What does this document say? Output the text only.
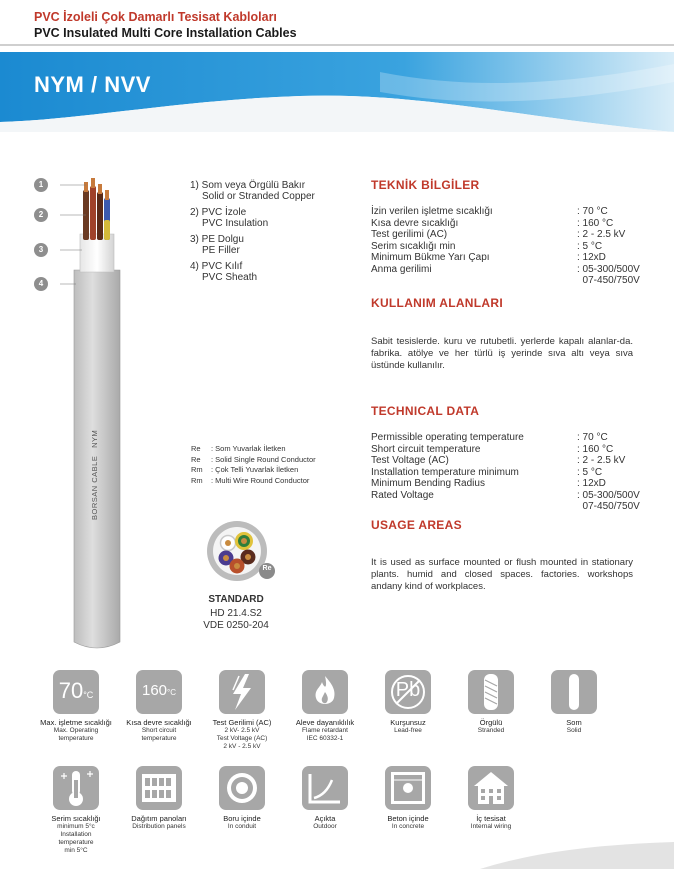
PVC İzoleli Çok Damarlı Tesisat Kabloları
PVC Insulated Multi Core Installation Cables
NYM / NVV
1
2
3
4
BORSAN CABLE   NYM
1) Som veya Örgülü Bakır
Solid or Stranded Copper
2) PVC İzole
PVC Insulation
3) PE Dolgu
PE Filler
4) PVC Kılıf
PVC Sheath
Re	: Som Yuvarlak İletken
Re	: Solid Single Round Conductor
Rm	: Çok Telli Yuvarlak İletken
Rm	: Multi Wire Round Conductor
Re
STANDARD
HD 21.4.S2
VDE 0250-204
TEKNİK BİLGİLER
İzin verilen işletme sıcaklığı	: 70 °C
Kısa devre sıcaklığı	: 160 °C
Test gerilimi (AC)	: 2 - 2.5 kV
Serim sıcaklığı min	: 5 °C
Minimum Bükme Yarı Çapı	: 12xD
Anma gerilimi	: 05-300/500V
07-450/750V
KULLANIM ALANLARI
Sabit tesislerde. kuru ve rutubetli. yerlerde kapalı alanlar-da. fabrika. atölye ve her türlü iş yerinde sıva altı veya sıva üstünde kullanılır.
TECHNICAL DATA
Permissible operating temperature	: 70 °C
Short circuit temperature	: 160 °C
Test Voltage (AC)	: 2 - 2.5 kV
Installation temperature minimum	: 5 °C
Minimum Bending Radius	: 12xD
Rated Voltage	: 05-300/500V
07-450/750V
USAGE AREAS
It is used as surface mounted or flush mounted in stationary plants. humid and closed spaces. factories. workshops andany kind of workplaces.
70°C
Max. işletme sıcaklığı
Max. Operating
temperature
160°C
Kısa devre sıcaklığı
Short circuit
temperature
Test Gerilimi (AC)
2 kV- 2.5 kV
Test Voltage (AC)
2 kV - 2.5 kV
Aleve dayanıklılık
Flame retardant
IEC 60332-1
Pb
Kurşunsuz
Lead-free
Örgülü
Stranded
Som
Solid
Serim sıcaklığı
minimum 5°c
Installation
temperature
min 5°C
Dağıtım panoları
Distribution panels
Boru içinde
In conduit
Açıkta
Outdoor
Beton içinde
In concrete
İç tesisat
Internal wiring
